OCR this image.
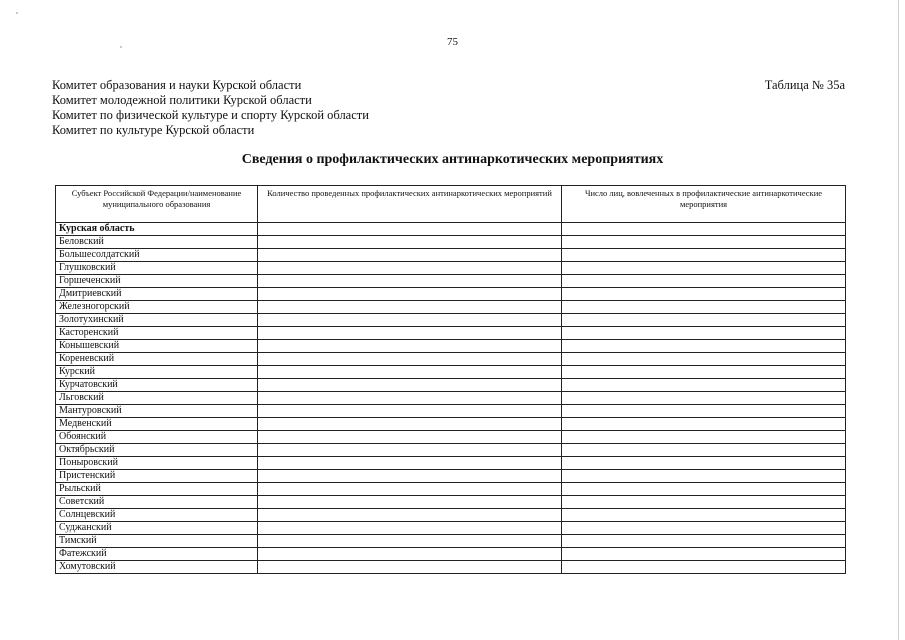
75
Комитет образования и науки Курской области
Комитет молодежной политики Курской области
Комитет по физической культуре и спорту Курской области
Комитет по культуре Курской области
Таблица № 35а
Сведения о профилактических антинаркотических мероприятиях
Субъект Российской Федерации/наименование муниципального образования	Количество проведенных профилактических антинаркотических мероприятий	Число лиц, вовлеченных в профилактические антинаркотические мероприятия
Курская область		
Беловский		
Большесолдатский		
Глушковский		
Горшеченский		
Дмитриевский		
Железногорский		
Золотухинский		
Касторенский		
Конышевский		
Кореневский		
Курский		
Курчатовский		
Льговский		
Мантуровский		
Медвенский		
Обоянский		
Октябрьский		
Поныровский		
Пристенский		
Рыльский		
Советский		
Солнцевский		
Суджанский		
Тимский		
Фатежский		
Хомутовский		
